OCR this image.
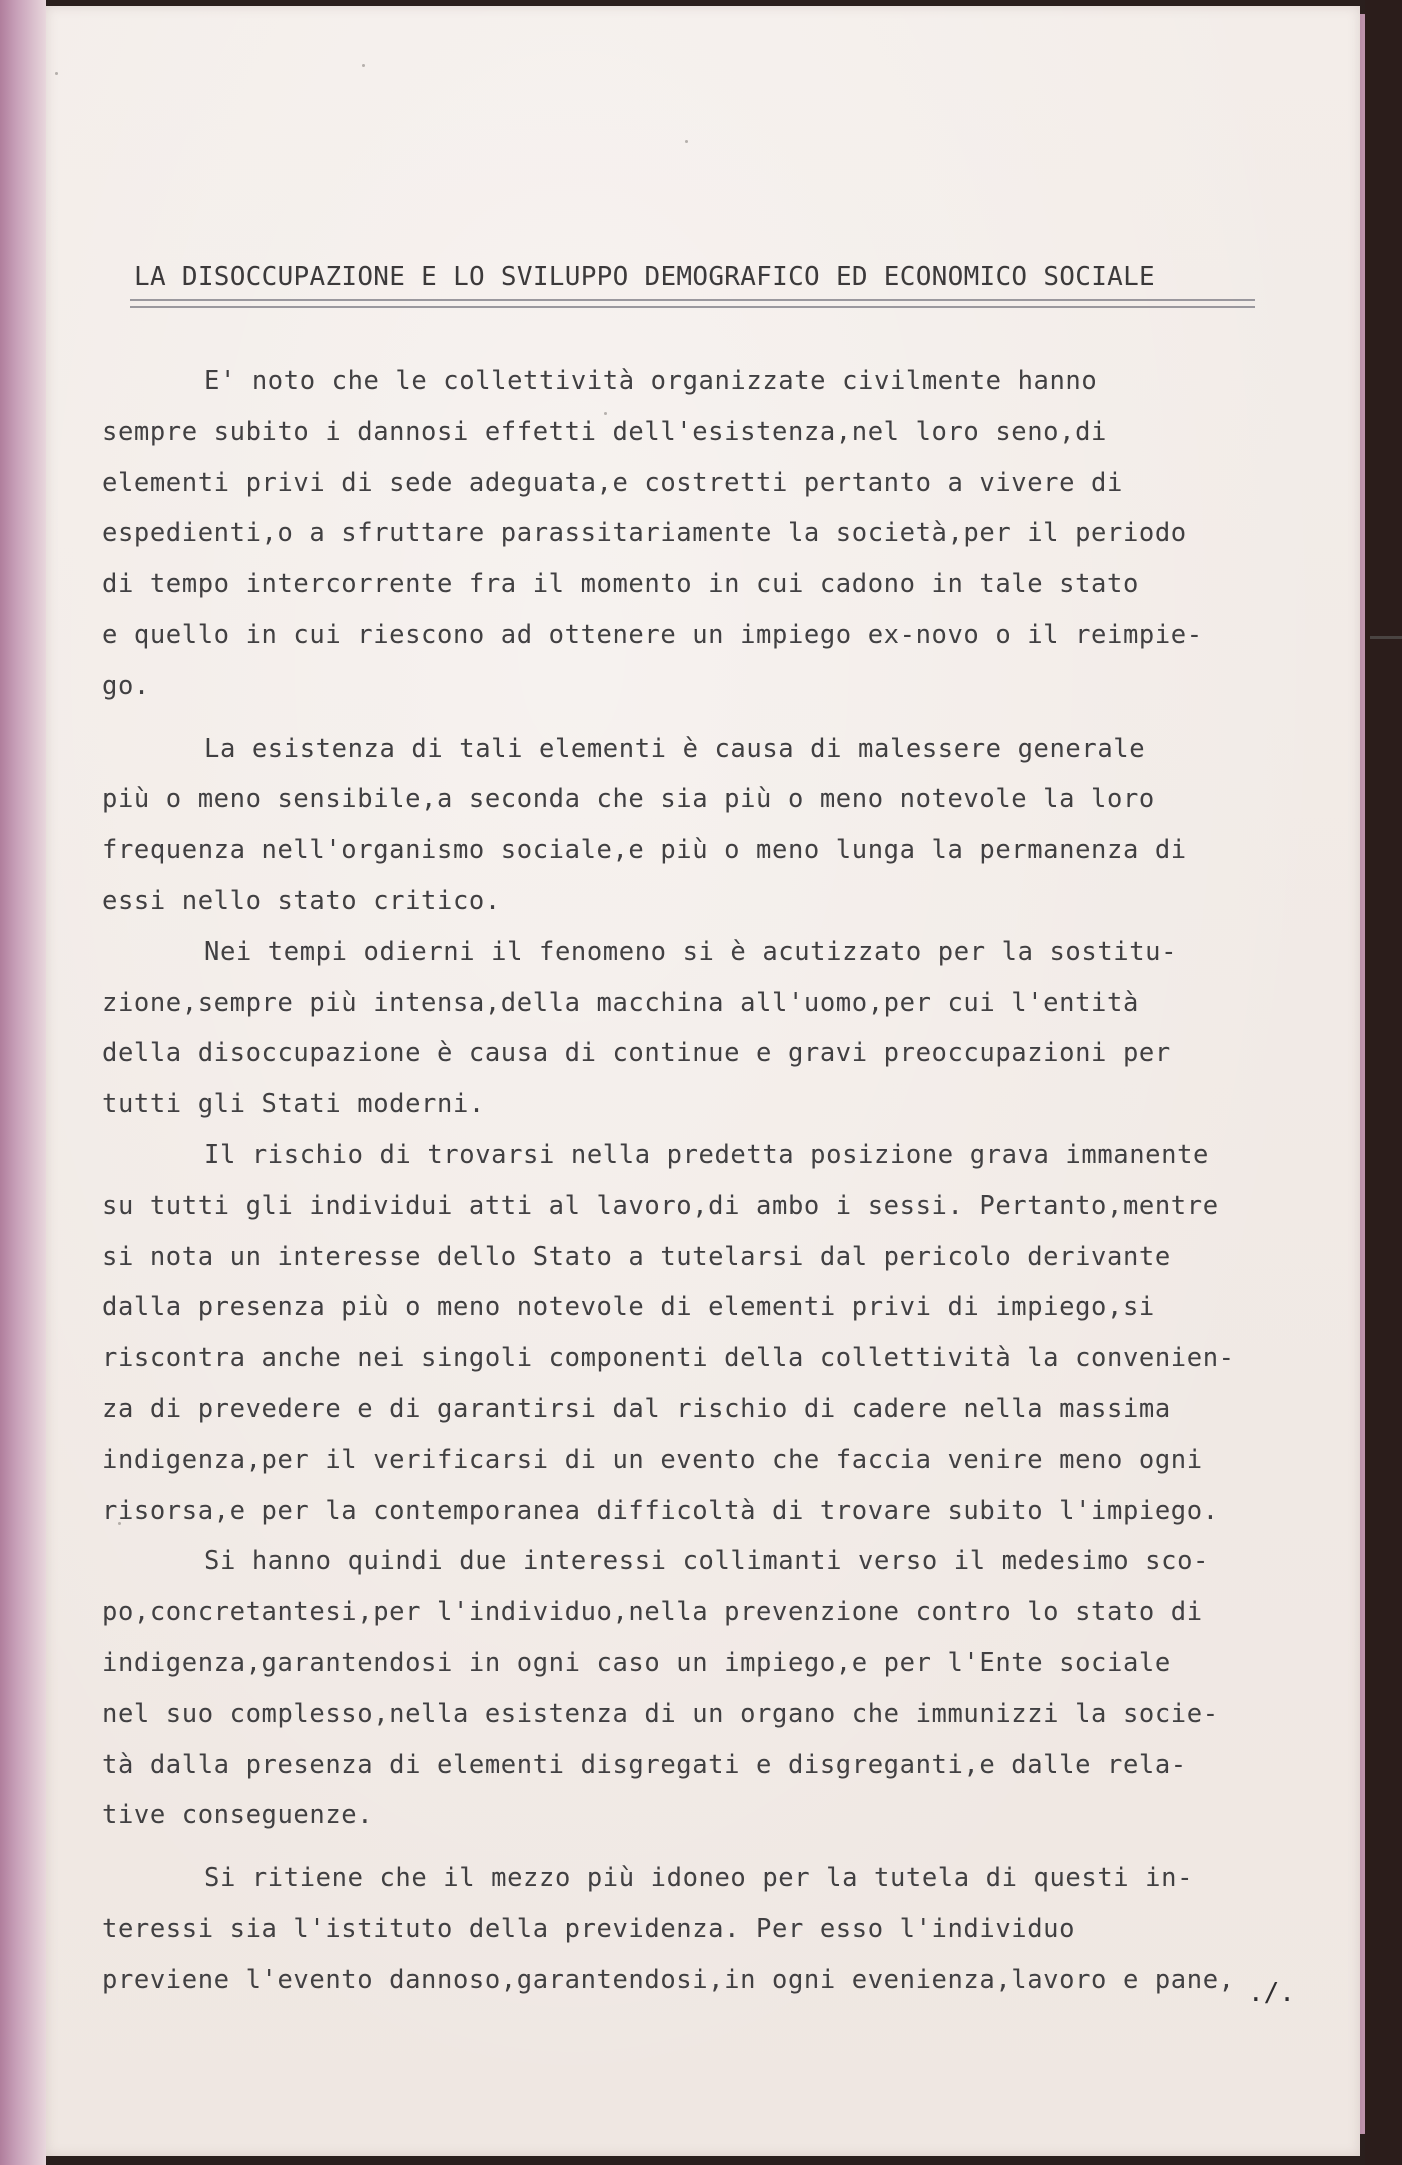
LA DISOCCUPAZIONE E LO SVILUPPO DEMOGRAFICO ED ECONOMICO SOCIALE
E' noto che le collettività organizzate civilmente hanno
sempre subito i dannosi effetti dell'esistenza,nel loro seno,di
elementi privi di sede adeguata,e costretti pertanto a vivere di
espedienti,o a sfruttare parassitariamente la società,per il periodo
di tempo intercorrente fra il momento in cui cadono in tale stato
e quello in cui riescono ad ottenere un impiego ex-novo o il reimpie-
go.
La esistenza di tali elementi è causa di malessere generale
più o meno sensibile,a seconda che sia più o meno notevole la loro
frequenza nell'organismo sociale,e più o meno lunga la permanenza di
essi nello stato critico.
Nei tempi odierni il fenomeno si è acutizzato per la sostitu-
zione,sempre più intensa,della macchina all'uomo,per cui l'entità
della disoccupazione è causa di continue e gravi preoccupazioni per
tutti gli Stati moderni.
Il rischio di trovarsi nella predetta posizione grava immanente
su tutti gli individui atti al lavoro,di ambo i sessi. Pertanto,mentre
si nota un interesse dello Stato a tutelarsi dal pericolo derivante
dalla presenza più o meno notevole di elementi privi di impiego,si
riscontra anche nei singoli componenti della collettività la convenien-
za di prevedere e di garantirsi dal rischio di cadere nella massima
indigenza,per il verificarsi di un evento che faccia venire meno ogni
risorsa,e per la contemporanea difficoltà di trovare subito l'impiego.
Si hanno quindi due interessi collimanti verso il medesimo sco-
po,concretantesi,per l'individuo,nella prevenzione contro lo stato di
indigenza,garantendosi in ogni caso un impiego,e per l'Ente sociale
nel suo complesso,nella esistenza di un organo che immunizzi la socie-
tà dalla presenza di elementi disgregati e disgreganti,e dalle rela-
tive conseguenze.
Si ritiene che il mezzo più idoneo per la tutela di questi in-
teressi sia l'istituto della previdenza. Per esso l'individuo
previene l'evento dannoso,garantendosi,in ogni evenienza,lavoro e pane, ./.
